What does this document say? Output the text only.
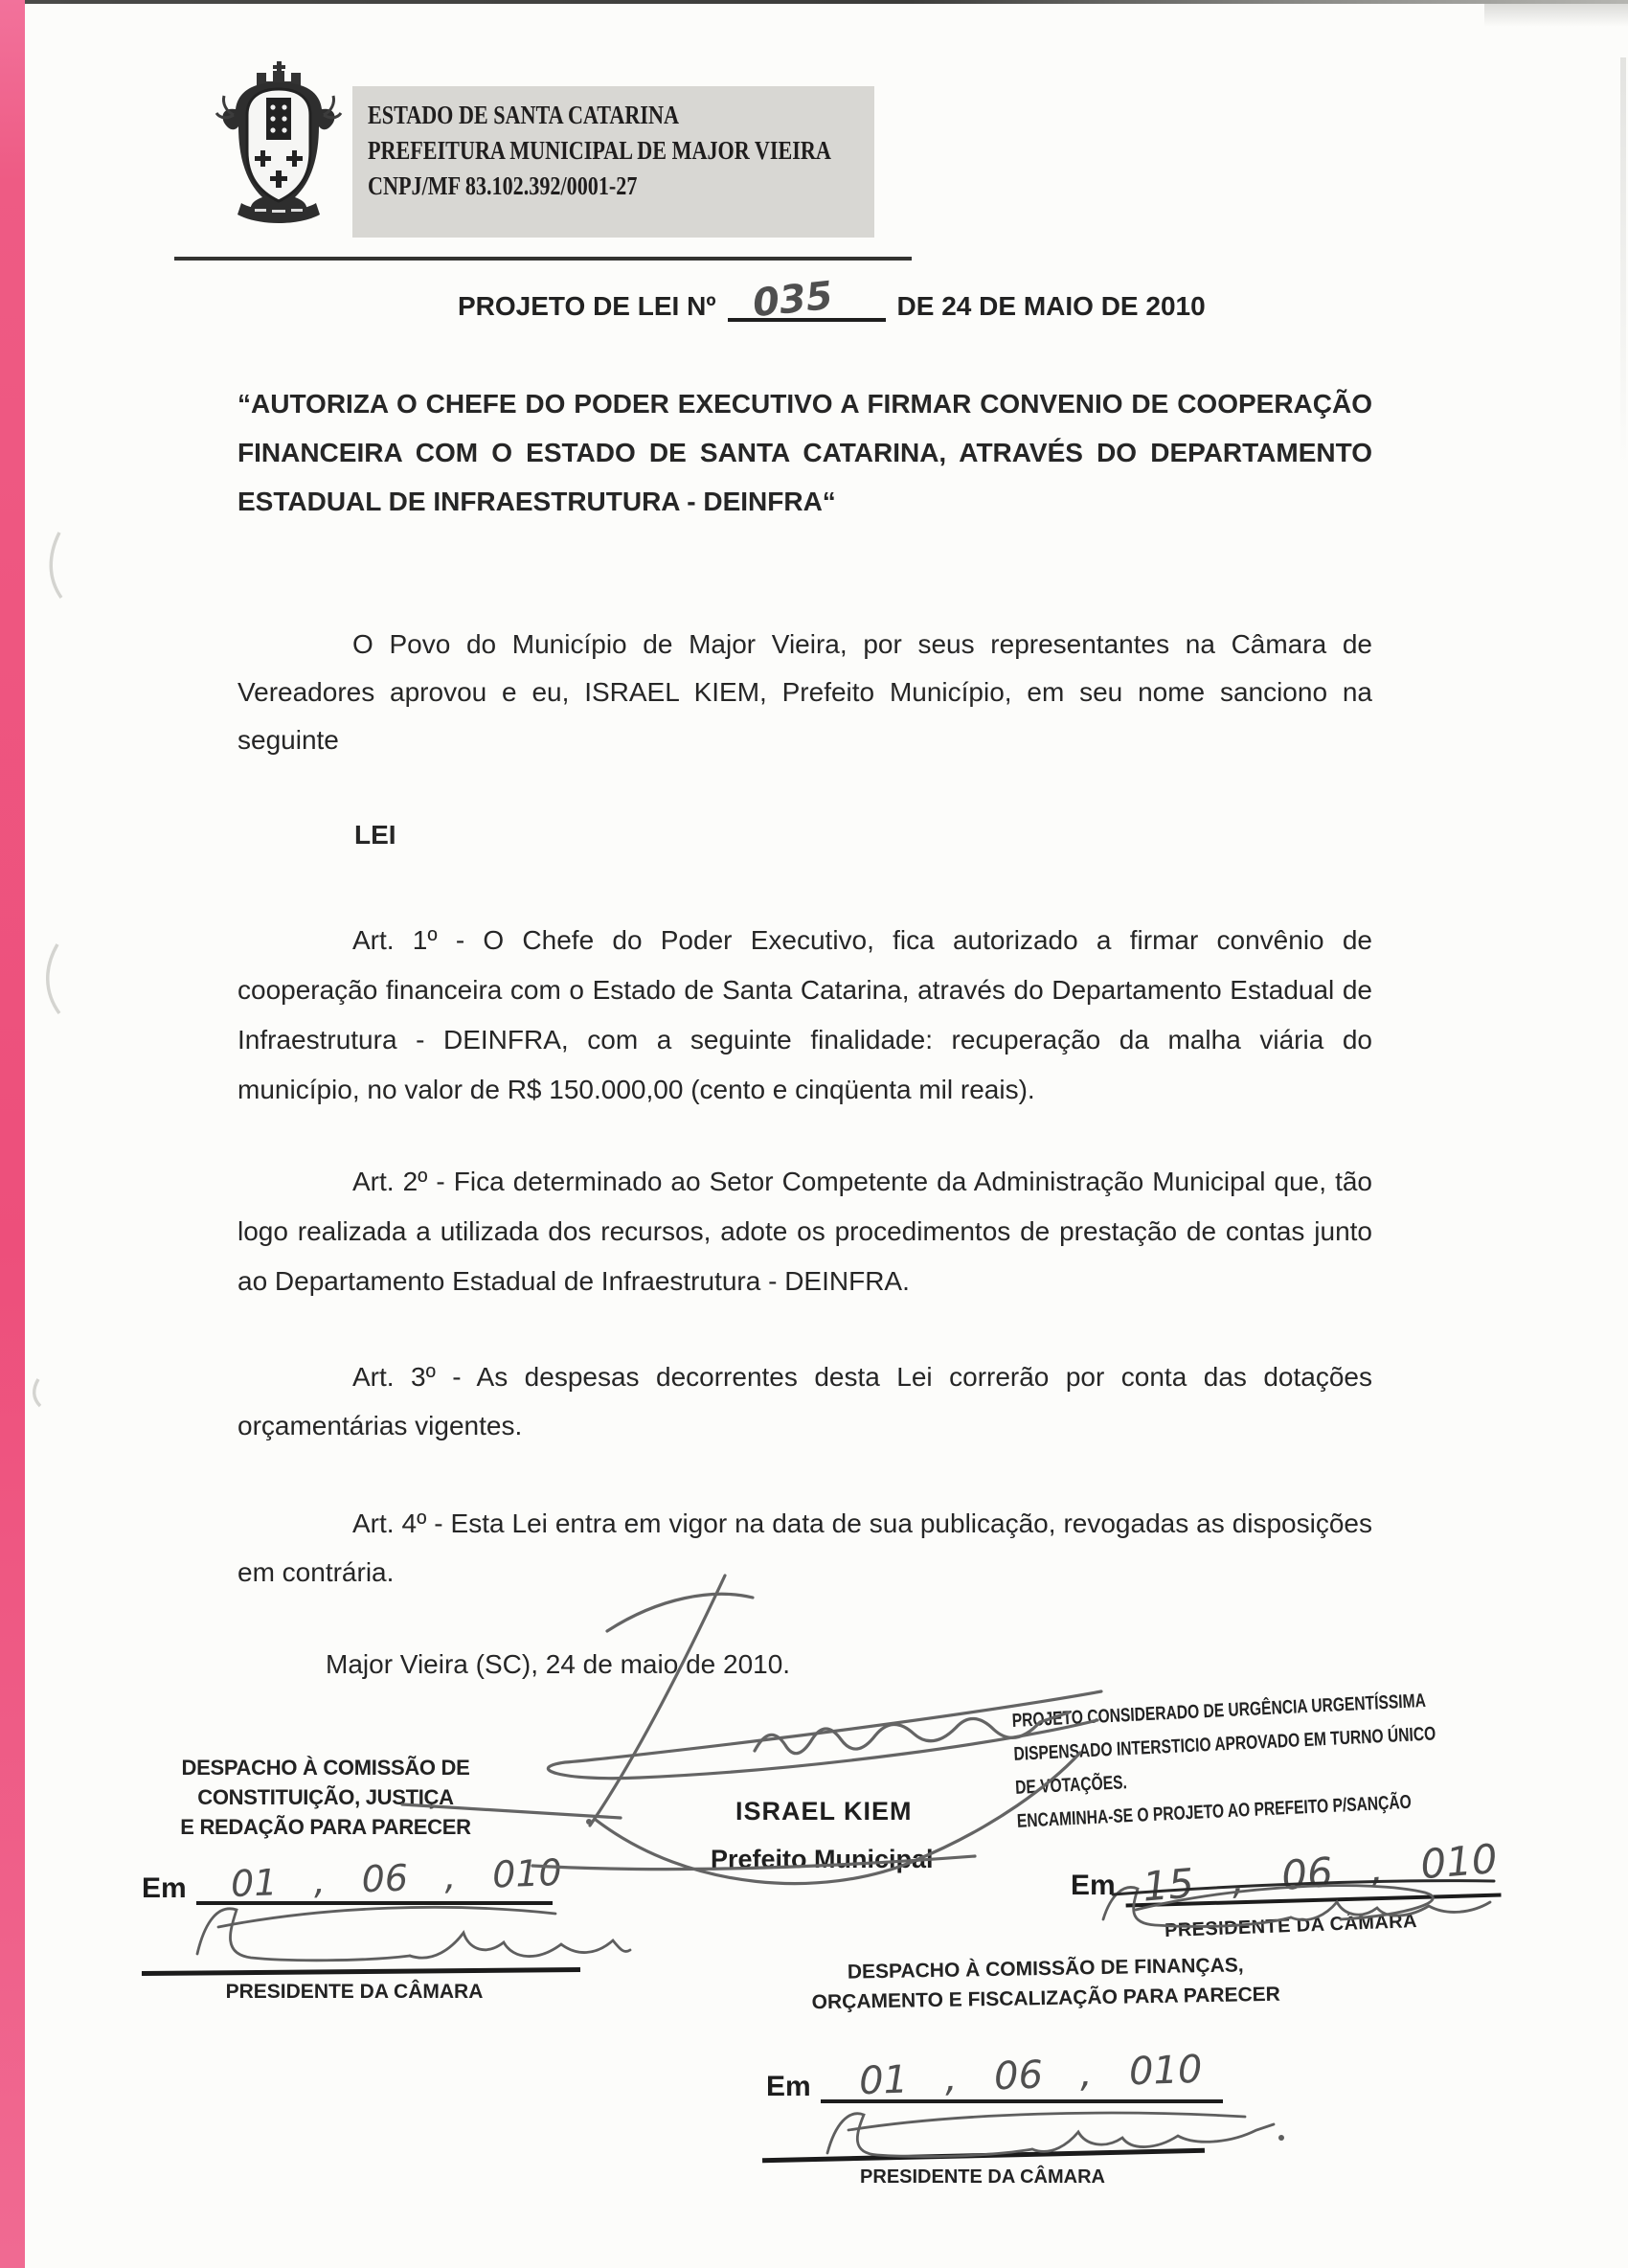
ESTADO DE SANTA CATARINA
PREFEITURA MUNICIPAL DE MAJOR VIEIRA
CNPJ/MF 83.102.392/0001-27
PROJETO DE LEI Nº 035 DE 24 DE MAIO DE 2010

“AUTORIZA O CHEFE DO PODER EXECUTIVO A FIRMAR CONVENIO DE COOPERAÇÃO FINANCEIRA COM O ESTADO DE SANTA CATARINA, ATRAVÉS DO DEPARTAMENTO ESTADUAL DE INFRAESTRUTURA - DEINFRA“

O Povo do Município de Major Vieira, por seus representantes na Câmara de Vereadores aprovou e eu, ISRAEL KIEM, Prefeito Município, em seu nome sanciono na seguinte

LEI

Art. 1º - O Chefe do Poder Executivo, fica autorizado a firmar convênio de cooperação financeira com o Estado de Santa Catarina, através do Departamento Estadual de Infraestrutura - DEINFRA, com a seguinte finalidade: recuperação da malha viária do município, no valor de R$ 150.000,00 (cento e cinqüenta mil reais).

Art. 2º - Fica determinado ao Setor Competente da Administração Municipal que, tão logo realizada a utilizada dos recursos, adote os procedimentos de prestação de contas junto ao Departamento Estadual de Infraestrutura - DEINFRA.

Art. 3º - As despesas decorrentes desta Lei correrão por conta das dotações orçamentárias vigentes.

Art. 4º - Esta Lei entra em vigor na data de sua publicação, revogadas as disposições em contrária.

Major Vieira (SC), 24 de maio de 2010.
DESPACHO À COMISSÃO DE
CONSTITUIÇÃO, JUSTIÇA
E REDAÇÃO PARA PARECER
Em 01 , 06 , 010
PRESIDENTE DA CÂMARA
ISRAEL KIEM
Prefeito Municipal
PROJETO CONSIDERADO DE URGÊNCIA URGENTÍSSIMA
DISPENSADO INTERSTICIO APROVADO EM TURNO ÚNICO
DE VOTAÇÕES.
ENCAMINHA-SE O PROJETO AO PREFEITO P/SANÇÃO
Em 15 , 06 , 010
PRESIDENTE DA CÂMARA
DESPACHO À COMISSÃO DE FINANÇAS,
ORÇAMENTO E FISCALIZAÇÃO PARA PARECER
Em 01 , 06 , 010
PRESIDENTE DA CÂMARA
